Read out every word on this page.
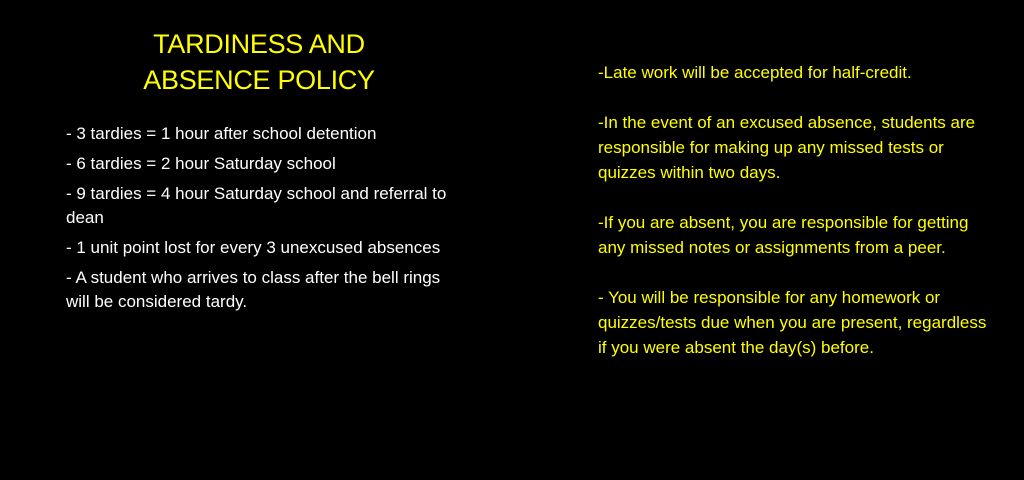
TARDINESS AND
ABSENCE POLICY
- 3 tardies = 1 hour after school detention
- 6 tardies = 2 hour Saturday school
- 9 tardies = 4 hour Saturday school and referral to dean
- 1 unit point lost for every 3 unexcused absences
- A student who arrives to class after the bell rings will be considered tardy.

-Late work will be accepted for half-credit.

-In the event of an excused absence, students are responsible for making up any missed tests or quizzes within two days.

-If you are absent, you are responsible for getting any missed notes or assignments from a peer.

- You will be responsible for any homework or quizzes/tests due when you are present, regardless if you were absent the day(s) before.
